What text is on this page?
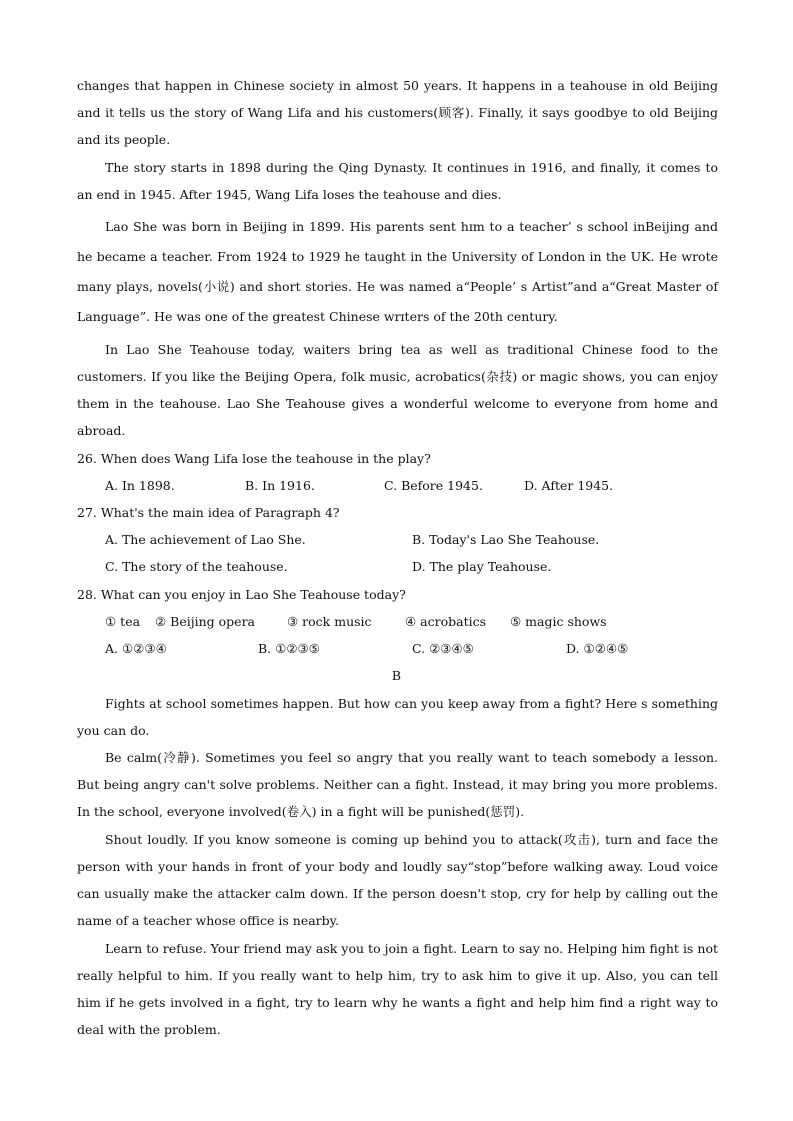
changes that happen in Chinese society in almost 50 years. It happens in a teahouse in old Beijing and it tells us the story of Wang Lifa and his customers(顾客). Finally, it says goodbye to old Beijing and its people.

The story starts in 1898 during the Qing Dynasty. It continues in 1916, and finally, it comes to an end in 1945. After 1945, Wang Lifa loses the teahouse and dies.

Lao She was born in Beijing in 1899. His parents sent hɪm to a teacher’ s school inBeijing and he became a teacher. From 1924 to 1929 he taught in the University of London in the UK. He wrote many plays, novels(小说) and short stories. He was named a“People’ s Artist”and a“Great Master of Language”. He was one of the greatest Chinese wrɪters of the 20th century.

In Lao She Teahouse today, waiters bring tea as well as traditional Chinese food to the customers. If you like the Beijing Opera, folk music, acrobatics(杂技) or magic shows, you can enjoy them in the teahouse. Lao She Teahouse gives a wonderful welcome to everyone from home and abroad.

26. When does Wang Lifa lose the teahouse in the play?

A. In 1898.	B. In 1916.	C. Before 1945.	D. After 1945.

27. What's the main idea of Paragraph 4?

A. The achievement of Lao She.	B. Today's Lao She Teahouse.
C. The story of the teahouse.	D. The play Teahouse.

28. What can you enjoy in Lao She Teahouse today?

① tea ② Beijing opera	③ rock music	④ acrobatics ⑤ magic shows
A. ①②③④	B. ①②③⑤	C. ②③④⑤	D. ①②④⑤

B

Fights at school sometimes happen. But how can you keep away from a fight? Here s something you can do.

Be calm(冷静). Sometimes you feel so angry that you really want to teach somebody a lesson. But being angry can't solve problems. Neither can a fight. Instead, it may bring you more problems. In the school, everyone involved(卷入) in a fight will be punished(惩罚).

Shout loudly. If you know someone is coming up behind you to attack(攻击), turn and face the person with your hands in front of your body and loudly say“stop”before walking away. Loud voice can usually make the attacker calm down. If the person doesn't stop, cry for help by calling out the name of a teacher whose office is nearby.

Learn to refuse. Your friend may ask you to join a fight. Learn to say no. Helping him fight is not really helpful to him. If you really want to help him, try to ask him to give it up. Also, you can tell him if he gets involved in a fight, try to learn why he wants a fight and help him find a right way to deal with the problem.
